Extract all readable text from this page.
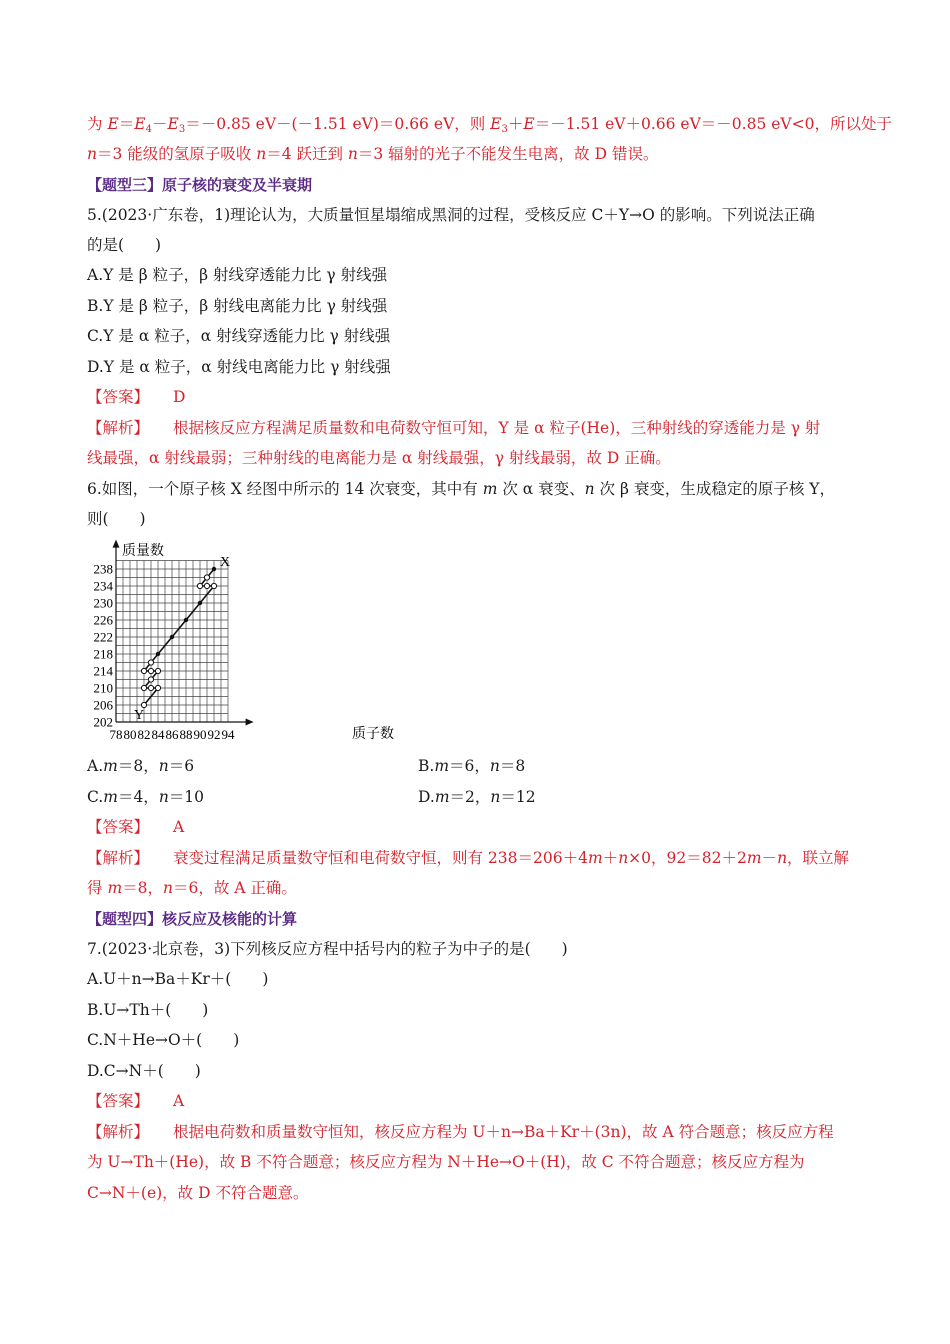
为 $E=E_4-E_3=-0.85$ eV－(－1.51 eV)＝0.66 eV，则 $E_3+E=-1.51$ eV＋0.66 eV＝－0.85 eV<0，所以处于
n＝3 能级的氢原子吸收 n＝4 跃迁到 n＝3 辐射的光子不能发生电离，故 D 错误。
【题型三】原子核的衰变及半衰期
5.(2023·广东卷，1)理论认为，大质量恒星塌缩成黑洞的过程，受核反应 C＋Y→O 的影响。下列说法正确
的是(　　)
A.Y 是 β 粒子，β 射线穿透能力比 γ 射线强
B.Y 是 β 粒子，β 射线电离能力比 γ 射线强
C.Y 是 α 粒子，α 射线穿透能力比 γ 射线强
D.Y 是 α 粒子，α 射线电离能力比 γ 射线强
【答案】 D
【解析】 根据核反应方程满足质量数和电荷数守恒可知，Y 是 α 粒子(He)，三种射线的穿透能力是 γ 射
线最强，α 射线最弱；三种射线的电离能力是 α 射线最强，γ 射线最弱，故 D 正确。
6.如图，一个原子核 X 经图中所示的 14 次衰变，其中有 m 次 α 衰变、n 次 β 衰变，生成稳定的原子核 Y，
则(　　)
78 80 82 84 86 88 90 92 94
238
234
230
226
222
218
214
210
206
202
X
Y
质量数
质子数
A.m＝8，n＝6	B.m＝6，n＝8
C.m＝4，n＝10	D.m＝2，n＝12
【答案】 A
【解析】 衰变过程满足质量数守恒和电荷数守恒，则有 238＝206＋4m＋n×0，92＝82＋2m－n，联立解
得 m＝8，n＝6，故 A 正确。
【题型四】核反应及核能的计算
7.(2023·北京卷，3)下列核反应方程中括号内的粒子为中子的是(　　)
A.U＋n→Ba＋Kr＋(　　)
B.U→Th＋(　　)
C.N＋He→O＋(　　)
D.C→N＋(　　)
【答案】 A
【解析】 根据电荷数和质量数守恒知，核反应方程为 U＋n→Ba＋Kr＋(3n)，故 A 符合题意；核反应方程
为 U→Th＋(He)，故 B 不符合题意；核反应方程为 N＋He→O＋(H)，故 C 不符合题意；核反应方程为
C→N＋(e)，故 D 不符合题意。
